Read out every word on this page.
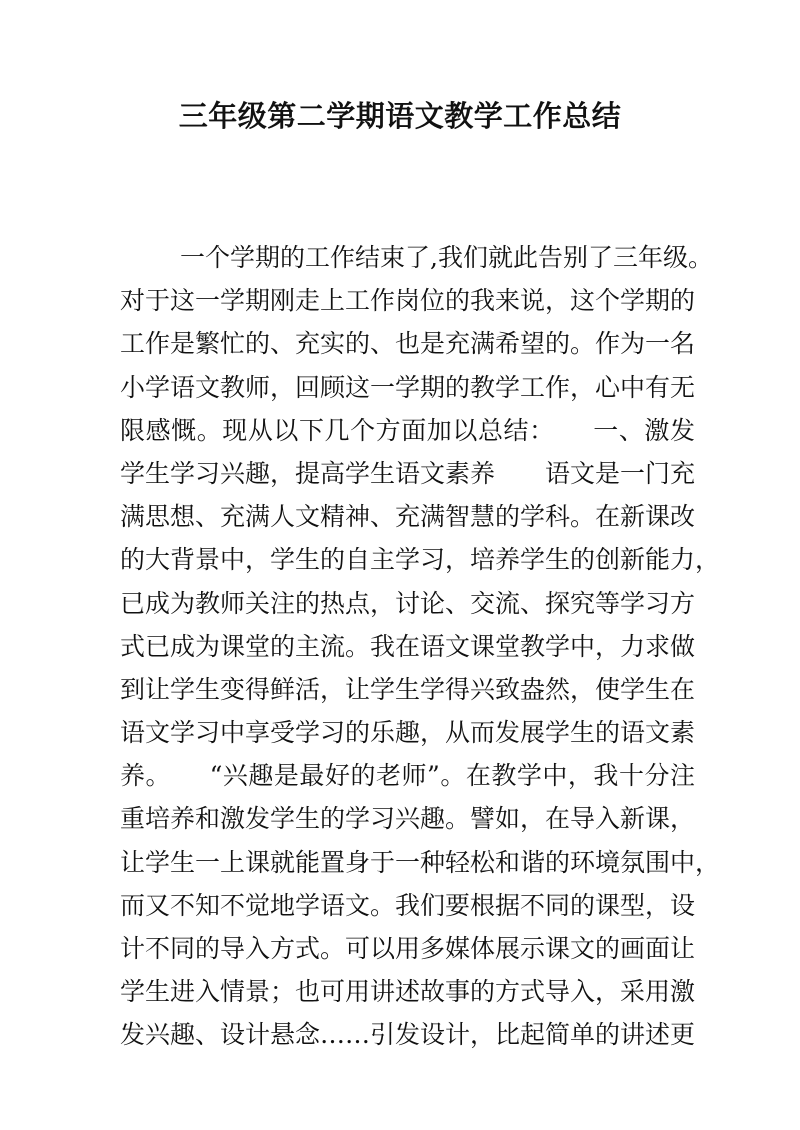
三年级第二学期语文教学工作总结
一个学期的工作结束了,我们就此告别了三年级。
对于这一学期刚走上工作岗位的我来说，这个学期的
工作是繁忙的、充实的、也是充满希望的。作为一名
小学语文教师，回顾这一学期的教学工作，心中有无
限感慨。现从以下几个方面加以总结：　　一、激发
学生学习兴趣，提高学生语文素养　　语文是一门充
满思想、充满人文精神、充满智慧的学科。在新课改
的大背景中，学生的自主学习，培养学生的创新能力，
已成为教师关注的热点，讨论、交流、探究等学习方
式已成为课堂的主流。我在语文课堂教学中，力求做
到让学生变得鲜活，让学生学得兴致盎然，使学生在
语文学习中享受学习的乐趣，从而发展学生的语文素
养。　　“兴趣是最好的老师”。在教学中，我十分注
重培养和激发学生的学习兴趣。譬如，在导入新课，
让学生一上课就能置身于一种轻松和谐的环境氛围中，
而又不知不觉地学语文。我们要根据不同的课型，设
计不同的导入方式。可以用多媒体展示课文的画面让
学生进入情景；也可用讲述故事的方式导入，采用激
发兴趣、设计悬念……引发设计，比起简单的讲述更
